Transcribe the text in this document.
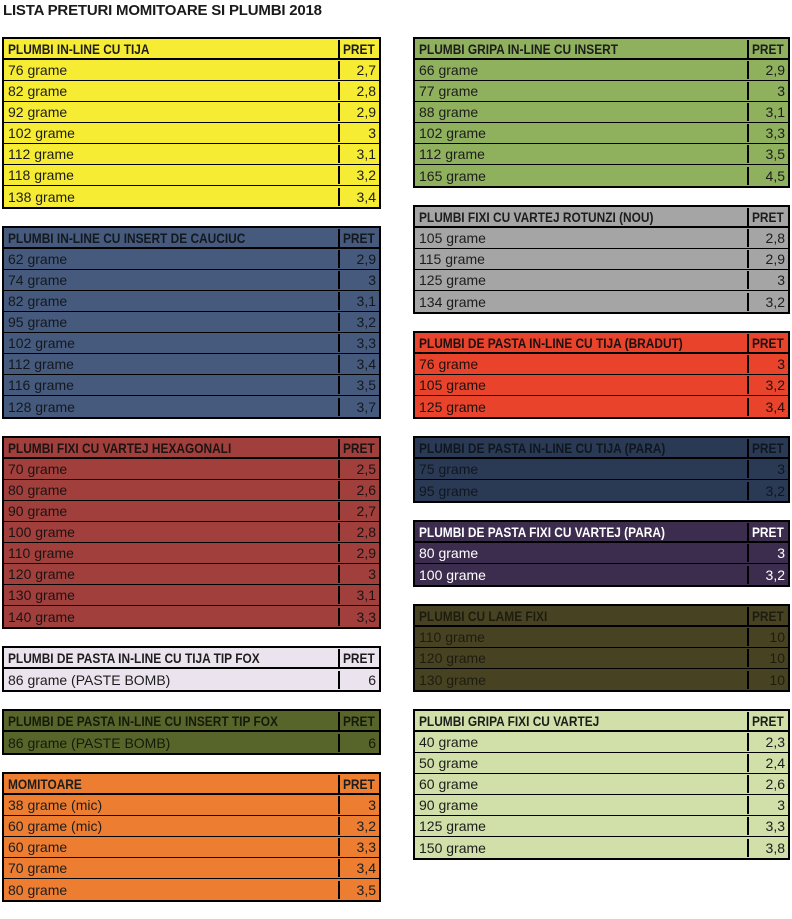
LISTA PRETURI MOMITOARE SI PLUMBI 2018
PLUMBI IN-LINE CU TIJA	PRET
76 grame	2,7
82 grame	2,8
92 grame	2,9
102 grame	3
112 grame	3,1
118 grame	3,2
138 grame	3,4
PLUMBI IN-LINE CU INSERT DE CAUCIUC	PRET
62 grame	2,9
74 grame	3
82 grame	3,1
95 grame	3,2
102 grame	3,3
112 grame	3,4
116 grame	3,5
128 grame	3,7
PLUMBI FIXI CU VARTEJ HEXAGONALI	PRET
70 grame	2,5
80 grame	2,6
90 grame	2,7
100 grame	2,8
110 grame	2,9
120 grame	3
130 grame	3,1
140 grame	3,3
PLUMBI DE PASTA IN-LINE CU TIJA TIP FOX	PRET
86 grame (PASTE BOMB)	6
PLUMBI DE PASTA IN-LINE CU INSERT TIP FOX	PRET
86 grame (PASTE BOMB)	6
MOMITOARE	PRET
38 grame (mic)	3
60 grame (mic)	3,2
60 grame	3,3
70 grame	3,4
80 grame	3,5
PLUMBI GRIPA IN-LINE CU INSERT	PRET
66 grame	2,9
77 grame	3
88 grame	3,1
102 grame	3,3
112 grame	3,5
165 grame	4,5
PLUMBI FIXI CU VARTEJ ROTUNZI (NOU)	PRET
105 grame	2,8
115 grame	2,9
125 grame	3
134 grame	3,2
PLUMBI DE PASTA IN-LINE CU TIJA (BRADUT)	PRET
76 grame	3
105 grame	3,2
125 grame	3,4
PLUMBI DE PASTA IN-LINE CU TIJA (PARA)	PRET
75 grame	3
95 grame	3,2
PLUMBI DE PASTA FIXI CU VARTEJ (PARA)	PRET
80 grame	3
100 grame	3,2
PLUMBI CU LAME FIXI	PRET
110 grame	10
120 grame	10
130 grame	10
PLUMBI GRIPA FIXI CU VARTEJ	PRET
40 grame	2,3
50 grame	2,4
60 grame	2,6
90 grame	3
125 grame	3,3
150 grame	3,8
